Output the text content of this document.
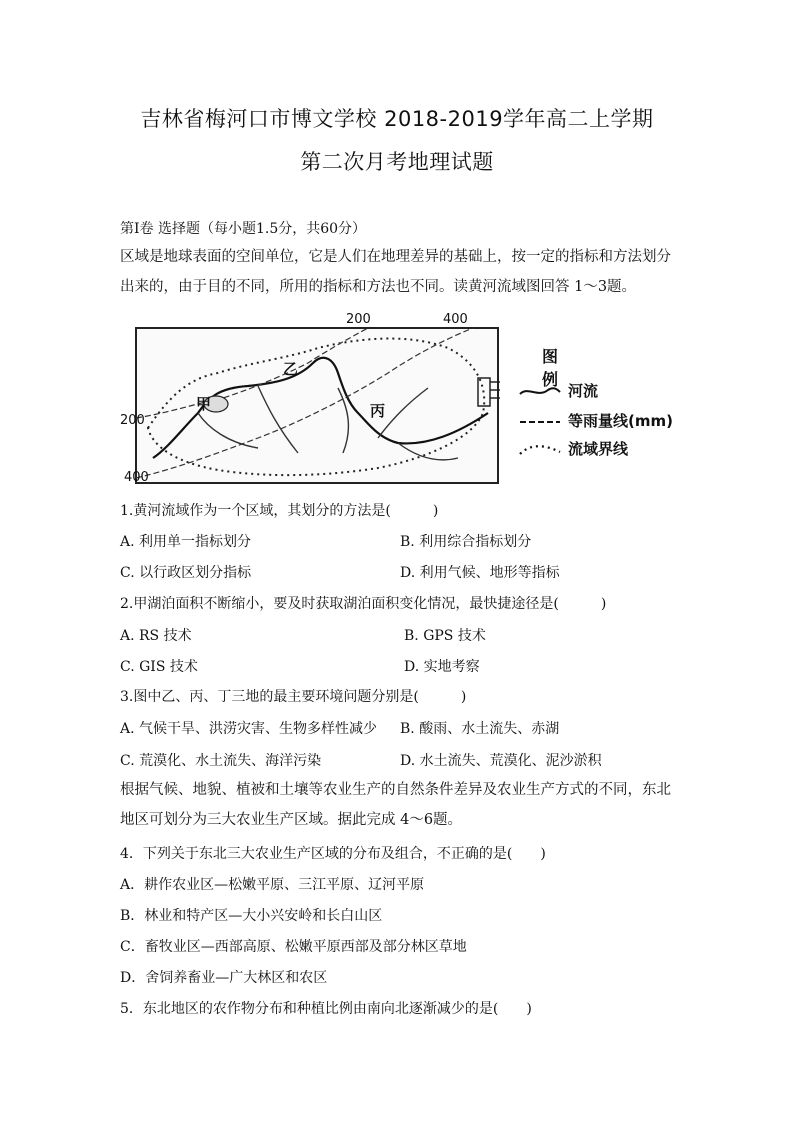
吉林省梅河口市博文学校 2018-2019学年高二上学期
第二次月考地理试题
第Ⅰ卷 选择题（每小题1.5分，共60分）
区域是地球表面的空间单位，它是人们在地理差异的基础上，按一定的指标和方法划分出来的，由于目的不同，所用的指标和方法也不同。读黄河流域图回答 1～3题。
200	400
200
400
甲
乙
丙
图 例
河流
等雨量线(mm)
流域界线
1.黄河流域作为一个区域，其划分的方法是(　　　)
A. 利用单一指标划分	B. 利用综合指标划分
C. 以行政区划分指标	D. 利用气候、地形等指标
2.甲湖泊面积不断缩小，要及时获取湖泊面积变化情况，最快捷途径是(　　　)
A. RS 技术	B. GPS 技术
C. GIS 技术	D. 实地考察
3.图中乙、丙、丁三地的最主要环境问题分别是(　　　)
A. 气候干旱、洪涝灾害、生物多样性减少 B. 酸雨、水土流失、赤湖
C. 荒漠化、水土流失、海洋污染	D. 水土流失、荒漠化、泥沙淤积
根据气候、地貌、植被和土壤等农业生产的自然条件差异及农业生产方式的不同，东北地区可划分为三大农业生产区域。据此完成 4～6题。
4．下列关于东北三大农业生产区域的分布及组合，不正确的是(　　)
A．耕作农业区—松嫩平原、三江平原、辽河平原
B．林业和特产区—大小兴安岭和长白山区
C．畜牧业区—西部高原、松嫩平原西部及部分林区草地
D．舍饲养畜业—广大林区和农区
5．东北地区的农作物分布和种植比例由南向北逐渐减少的是(　　)
